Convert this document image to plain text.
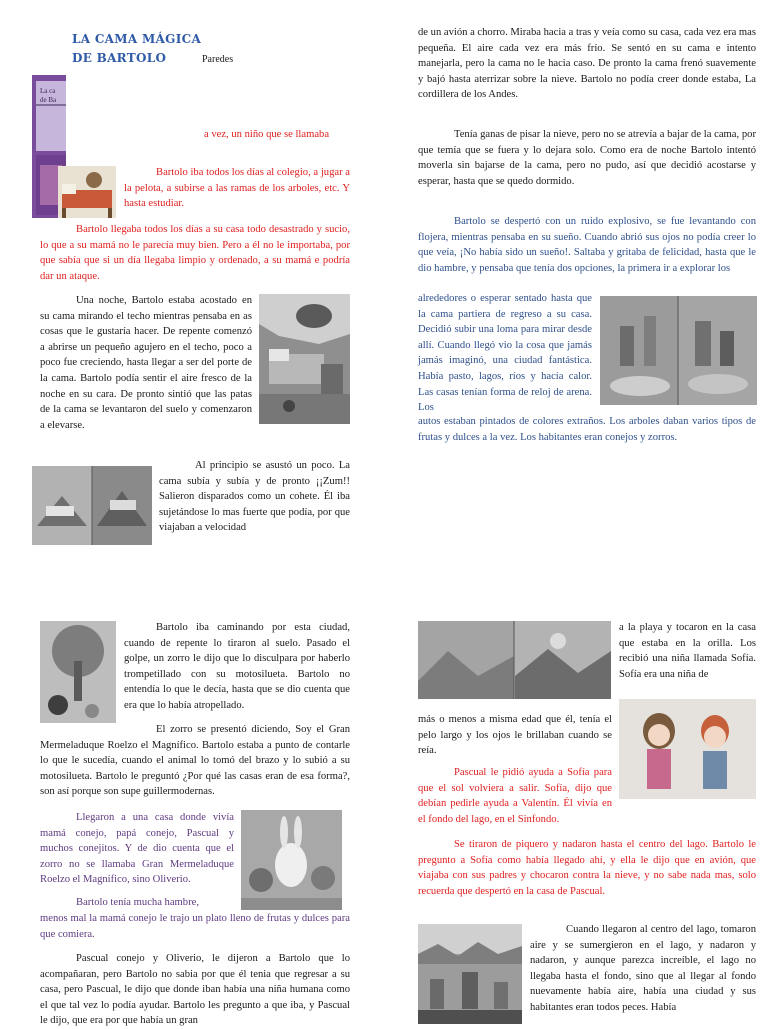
LA CAMA MÁGICA
DE BARTOLO	Paredes
La ca
de Ba
a vez, un niño que se llamaba

Bartolo iba todos los días al colegio, a jugar a la pelota, a subirse a las ramas de los arboles, etc. Y hasta estudiar.

Bartolo llegaba todos los días a su casa todo desastrado y sucio, lo que a su mamá no le parecía muy bien. Pero a él no le importaba, por que sabía que si un día llegaba limpio y ordenado, a su mamá e podría dar un ataque.

Una noche, Bartolo estaba acostado en su cama mirando el techo mientras pensaba en as cosas que le gustaría hacer. De repente comenzó a abrirse un pequeño agujero en el techo, poco a poco fue creciendo, hasta llegar a ser del porte de la cama. Bartolo podía sentir el aire fresco de la noche en su cara. De pronto sintió que las patas de la cama se levantaron del suelo y comenzaron a elevarse.

Al principio se asustó un poco. La cama subía y subía y de pronto ¡¡Zum!! Salieron disparados como un cohete. Él iba sujetándose lo mas fuerte que podía, por que viajaban a velocidad

de un avión a chorro. Miraba hacia a tras y veía como su casa, cada vez era mas pequeña. El aire cada vez era más frío. Se sentó en su cama e intento manejarla, pero la cama no le hacia caso. De pronto la cama frenó suavemente y bajó hasta aterrizar sobre la nieve. Bartolo no podía creer donde estaba, La cordillera de los Andes.

Tenía ganas de pisar la nieve, pero no se atrevía a bajar de la cama, por que temía que se fuera y lo dejara solo. Como era de noche Bartolo intentó moverla sin bajarse de la cama, pero no pudo, así que decidió acostarse y esperar, hasta que se quedo dormido.

Bartolo se despertó con un ruido explosivo, se fue levantando con flojera, mientras pensaba en su sueño. Cuando abrió sus ojos no podía creer lo que veía, ¡No había sido un sueño!. Saltaba y gritaba de felicidad, hasta que le dio hambre, y pensaba que tenía dos opciones, la primera ir a explorar los

alrededores o esperar sentado hasta que la cama partiera de regreso a su casa. Decidió subir una loma para mirar desde allí. Cuando llegó vio la cosa que jamás jamás imaginó, una ciudad fantástica. Había pasto, lagos, ríos y hacía calor. Las casas tenían forma de reloj de arena. Los

autos estaban pintados de colores extraños. Los arboles daban varios tipos de frutas y dulces a la vez. Los habitantes eran conejos y zorros.

Bartolo iba caminando por esta ciudad, cuando de repente lo tiraron al suelo. Pasado el golpe, un zorro le dijo que lo disculpara por haberlo trompetillado con su motosilueta. Bartolo no entendía lo que le decía, hasta que se dio cuenta que era que lo había atropellado.

El zorro se presentó diciendo, Soy el Gran Mermeladuque Roelzo el Magnífico. Bartolo estaba a punto de contarle lo que le sucedía, cuando el animal lo tomó del brazo y lo subió a su motosilueta. Bartolo le preguntó ¿Por qué las casas eran de esa forma?, son así porque son supe guillermodernas.

Llegaron a una casa donde vivía mamá conejo, papá conejo, Pascual y muchos conejitos. Y de dio cuenta que el zorro no se llamaba Gran Mermeladuque Roelzo el Magnífico, sino Oliverio.

Bartolo tenía mucha hambre,

menos mal la mamá conejo le trajo un plato lleno de frutas y dulces para que comiera.

Pascual conejo y Oliverio, le dijeron a Bartolo que lo acompañaran, pero Bartolo no sabia por que él tenia que regresar a su casa, pero Pascual, le dijo que donde iban había una niña humana como el que tal vez lo podía ayudar. Bartolo les pregunto a que iba, y Pascual le dijo, que era por que había un gran

a la playa y tocaron en la casa que estaba en la orilla. Los recibió una niña llamada Sofía. Sofía era una niña de

más o menos a misma edad que él, tenía el pelo largo y los ojos le brillaban cuando se reía.

Pascual le pidió ayuda a Sofía para que el sol volviera a salir. Sofía, dijo que debían pedirle ayuda a Valentín. Él vivía en el fondo del lago, en el Sinfondo.

Se tiraron de piquero y nadaron hasta el centro del lago. Bartolo le pregunto a Sofía como había llegado ahí, y ella le dijo que en avión, que viajaba con sus padres y chocaron contra la nieve, y no sabe nada mas, solo recuerda que despertó en la casa de Pascual.

Cuando llegaron al centro del lago, tomaron aire y se sumergieron en el lago, y nadaron y nadaron, y aunque parezca increíble, el lago no llegaba hasta el fondo, sino que al llegar al fondo nuevamente había aire, había una ciudad y sus habitantes eran todos peces. Había
